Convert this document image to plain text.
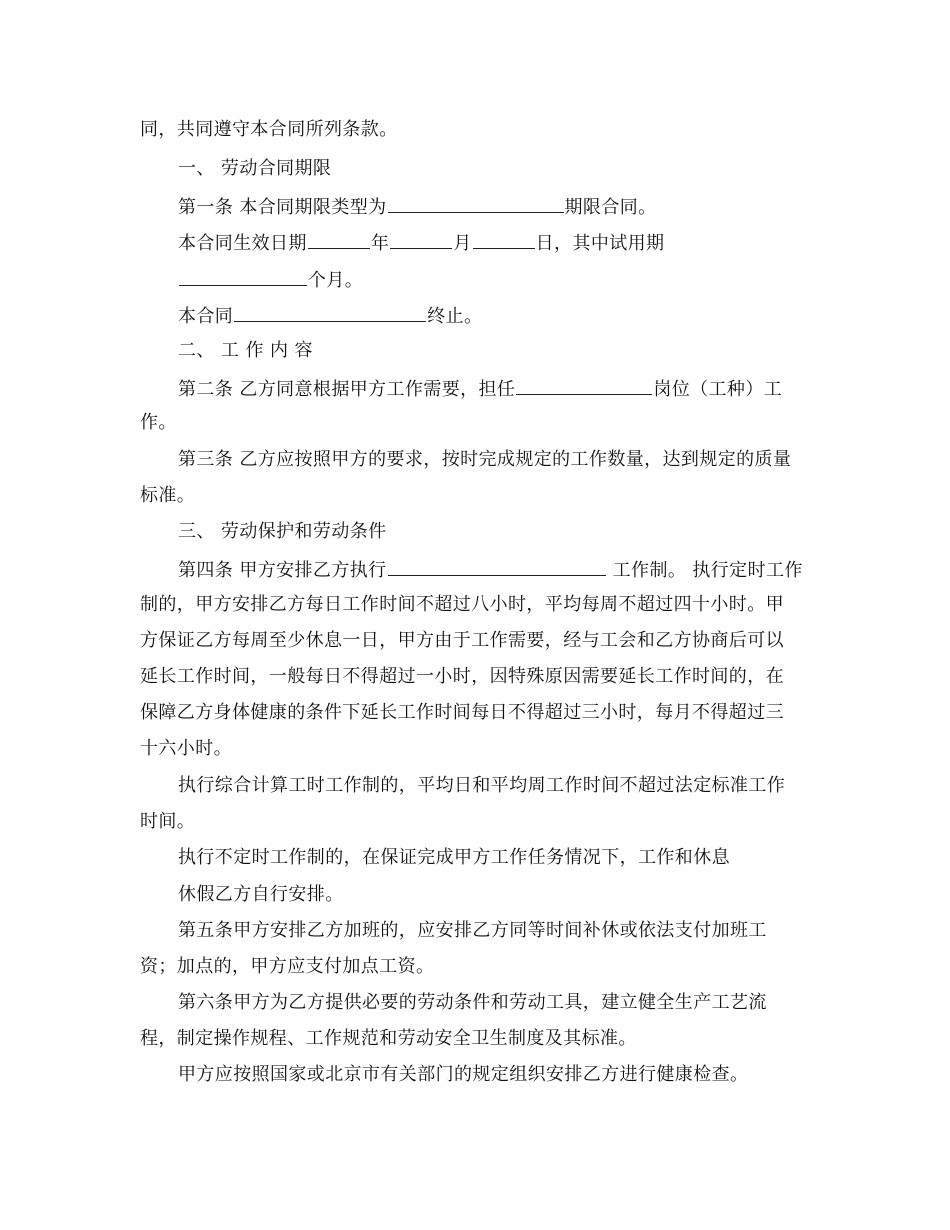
同，共同遵守本合同所列条款。
一、 劳动合同期限
第一条 本合同期限类型为	期限合同。
本合同生效日期	年	月	日，其中试用期
个月。
本合同	终止。
二、 工 作 内 容
第二条 乙方同意根据甲方工作需要，担任	岗位（工种）工
作。
第三条 乙方应按照甲方的要求，按时完成规定的工作数量，达到规定的质量
标准。
三、 劳动保护和劳动条件
第四条 甲方安排乙方执行	工作制。 执行定时工作
制的，甲方安排乙方每日工作时间不超过八小时，平均每周不超过四十小时。甲
方保证乙方每周至少休息一日，甲方由于工作需要，经与工会和乙方协商后可以
延长工作时间，一般每日不得超过一小时，因特殊原因需要延长工作时间的，在
保障乙方身体健康的条件下延长工作时间每日不得超过三小时，每月不得超过三
十六小时。
执行综合计算工时工作制的，平均日和平均周工作时间不超过法定标准工作
时间。
执行不定时工作制的，在保证完成甲方工作任务情况下，工作和休息
休假乙方自行安排。
第五条甲方安排乙方加班的，应安排乙方同等时间补休或依法支付加班工
资；加点的，甲方应支付加点工资。
第六条甲方为乙方提供必要的劳动条件和劳动工具，建立健全生产工艺流
程，制定操作规程、工作规范和劳动安全卫生制度及其标准。
甲方应按照国家或北京市有关部门的规定组织安排乙方进行健康检查。
